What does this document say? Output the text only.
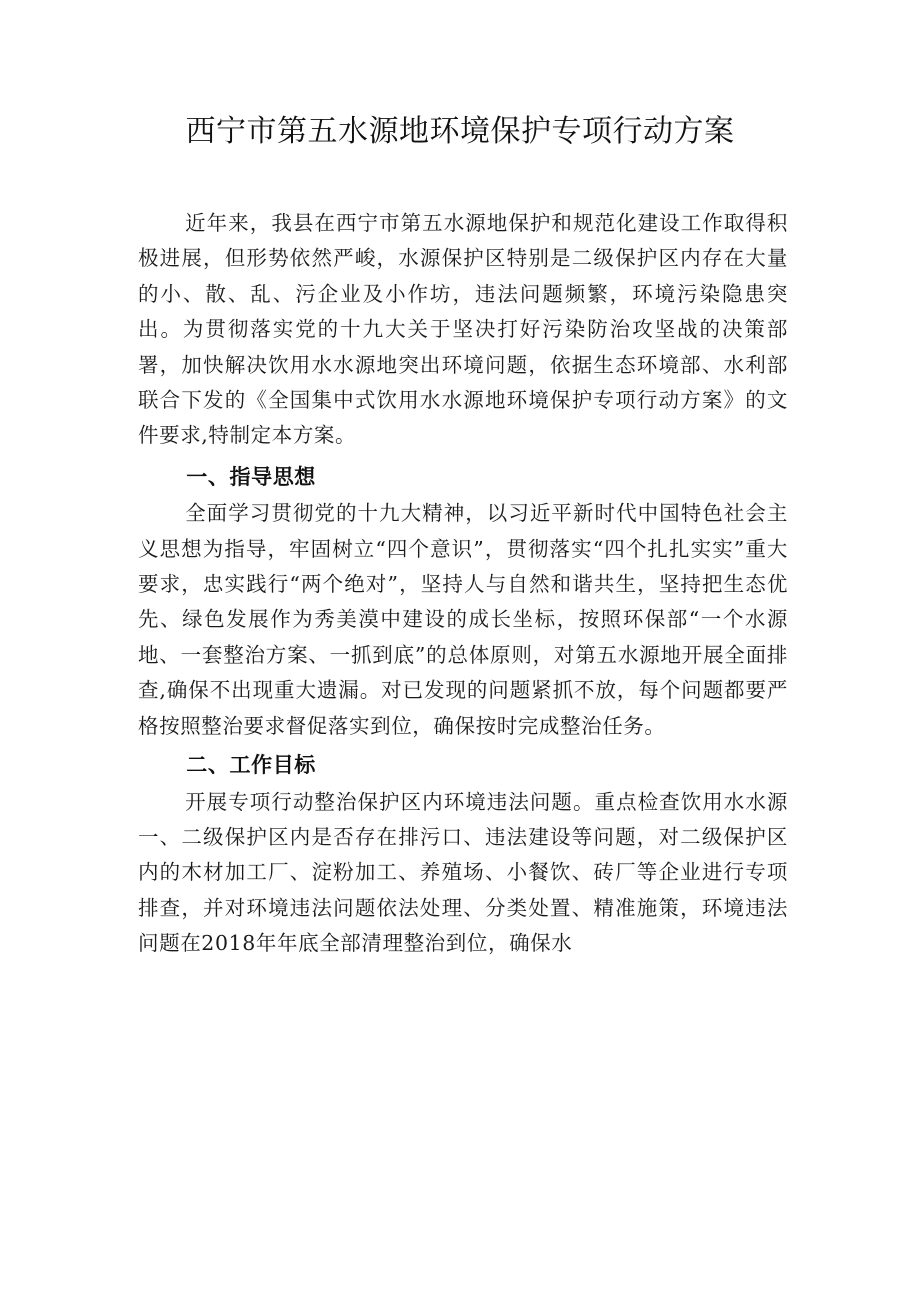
西宁市第五水源地环境保护专项行动方案

近年来，我县在西宁市第五水源地保护和规范化建设工作取得积极进展，但形势依然严峻，水源保护区特别是二级保护区内存在大量的小、散、乱、污企业及小作坊，违法问题频繁，环境污染隐患突出。为贯彻落实党的十九大关于坚决打好污染防治攻坚战的决策部署，加快解决饮用水水源地突出环境问题，依据生态环境部、水利部联合下发的《全国集中式饮用水水源地环境保护专项行动方案》的文件要求,特制定本方案。

一、指导思想

全面学习贯彻党的十九大精神，以习近平新时代中国特色社会主义思想为指导，牢固树立“四个意识”，贯彻落实“四个扎扎实实”重大要求，忠实践行“两个绝对”，坚持人与自然和谐共生，坚持把生态优先、绿色发展作为秀美漠中建设的成长坐标，按照环保部“一个水源地、一套整治方案、一抓到底”的总体原则，对第五水源地开展全面排查,确保不出现重大遗漏。对已发现的问题紧抓不放，每个问题都要严格按照整治要求督促落实到位，确保按时完成整治任务。

二、工作目标

开展专项行动整治保护区内环境违法问题。重点检查饮用水水源一、二级保护区内是否存在排污口、违法建设等问题，对二级保护区内的木材加工厂、淀粉加工、养殖场、小餐饮、砖厂等企业进行专项排查，并对环境违法问题依法处理、分类处置、精准施策，环境违法问题在2018年年底全部清理整治到位，确保水
